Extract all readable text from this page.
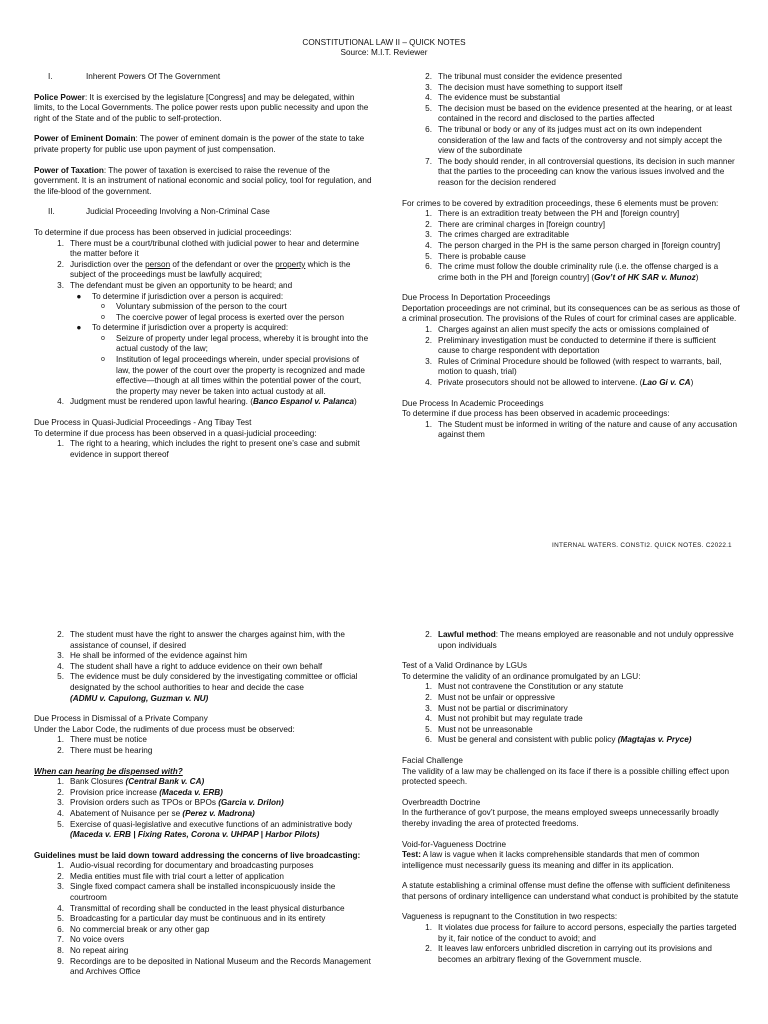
CONSTITUTIONAL LAW II – QUICK NOTES
Source: M.I.T. Reviewer
I.	Inherent Powers Of The Government

Police Power: It is exercised by the legislature [Congress] and may be delegated, within limits, to the Local Governments. The police power rests upon public necessity and upon the right of the State and of the public to self-protection.

Power of Eminent Domain: The power of eminent domain is the power of the state to take private property for public use upon payment of just compensation.

Power of Taxation: The power of taxation is exercised to raise the revenue of the government. It is an instrument of national economic and social policy, tool for regulation, and the life-blood of the government.

II.	Judicial Proceeding Involving a Non-Criminal Case

To determine if due process has been observed in judicial proceedings:

1. There must be a court/tribunal clothed with judicial power to hear and determine the matter before it
2. Jurisdiction over the person of the defendant or over the property which is the subject of the proceedings must be lawfully acquired;
3. The defendant must be given an opportunity to be heard; and
●	To determine if jurisdiction over a person is acquired:
o	Voluntary submission of the person to the court
o	The coercive power of legal process is exerted over the person
●	To determine if jurisdiction over a property is acquired:
o	Seizure of property under legal process, whereby it is brought into the actual custody of the law;
o	Institution of legal proceedings wherein, under special provisions of law, the power of the court over the property is recognized and made effective—though at all times within the potential power of the court, the property may never be taken into actual custody at all.
4. Judgment must be rendered upon lawful hearing. (Banco Espanol v. Palanca)

Due Process in Quasi-Judicial Proceedings - Ang Tibay Test

To determine if due process has been observed in a quasi-judicial proceeding:

1. The right to a hearing, which includes the right to present one’s case and submit evidence in support thereof
2. The tribunal must consider the evidence presented
3. The decision must have something to support itself
4. The evidence must be substantial
5. The decision must be based on the evidence presented at the hearing, or at least contained in the record and disclosed to the parties affected
6. The tribunal or body or any of its judges must act on its own independent consideration of the law and facts of the controversy and not simply accept the view of the subordinate
7. The body should render, in all controversial questions, its decision in such manner that the parties to the proceeding can know the various issues involved and the reason for the decision rendered

For crimes to be covered by extradition proceedings, these 6 elements must be proven:

1. There is an extradition treaty between the PH and [foreign country]
2. There are criminal charges in [foreign country]
3. The crimes charged are extraditable
4. The person charged in the PH is the same person charged in [foreign country]
5. There is probable cause
6. The crime must follow the double criminality rule (i.e. the offense charged is a crime both in the PH and [foreign country] (Gov’t of HK SAR v. Munoz)

Due Process In Deportation Proceedings

Deportation proceedings are not criminal, but its consequences can be as serious as those of a criminal prosecution. The provisions of the Rules of court for criminal cases are applicable.

1. Charges against an alien must specify the acts or omissions complained of
2. Preliminary investigation must be conducted to determine if there is sufficient cause to charge respondent with deportation
3. Rules of Criminal Procedure should be followed (with respect to warrants, bail, motion to quash, trial)
4. Private prosecutors should not be allowed to intervene. (Lao Gi v. CA)

Due Process In Academic Proceedings

To determine if due process has been observed in academic proceedings:

1. The Student must be informed in writing of the nature and cause of any accusation against them
INTERNAL WATERS. CONSTI2. QUICK NOTES. C2022. 1
2. The student must have the right to answer the charges against him, with the assistance of counsel, if desired
3. He shall be informed of the evidence against him
4. The student shall have a right to adduce evidence on their own behalf
5. The evidence must be duly considered by the investigating committee or official designated by the school authorities to hear and decide the case
(ADMU v. Capulong, Guzman v. NU)

Due Process in Dismissal of a Private Company

Under the Labor Code, the rudiments of due process must be observed:

1. There must be notice
2. There must be hearing

When can hearing be dispensed with?

1. Bank Closures (Central Bank v. CA)
2. Provision price increase (Maceda v. ERB)
3. Provision orders such as TPOs or BPOs (Garcia v. Drilon)
4. Abatement of Nuisance per se (Perez v. Madrona)
5. Exercise of quasi-legislative and executive functions of an administrative body (Maceda v. ERB | Fixing Rates, Corona v. UHPAP | Harbor Pilots)

Guidelines must be laid down toward addressing the concerns of live broadcasting:

1. Audio-visual recording for documentary and broadcasting purposes
2. Media entities must file with trial court a letter of application
3. Single fixed compact camera shall be installed inconspicuously inside the courtroom
4. Transmittal of recording shall be conducted in the least physical disturbance
5. Broadcasting for a particular day must be continuous and in its entirety
6. No commercial break or any other gap
7. No voice overs
8. No repeat airing
9. Recordings are to be deposited in National Museum and the Records Management and Archives Office
2. Lawful method: The means employed are reasonable and not unduly oppressive upon individuals

Test of a Valid Ordinance by LGUs

To determine the validity of an ordinance promulgated by an LGU:

1. Must not contravene the Constitution or any statute
2. Must not be unfair or oppressive
3. Must not be partial or discriminatory
4. Must not prohibit but may regulate trade
5. Must not be unreasonable
6. Must be general and consistent with public policy (Magtajas v. Pryce)

Facial Challenge

The validity of a law may be challenged on its face if there is a possible chilling effect upon protected speech.

Overbreadth Doctrine

In the furtherance of gov’t purpose, the means employed sweeps unnecessarily broadly thereby invading the area of protected freedoms.

Void-for-Vagueness Doctrine

Test: A law is vague when it lacks comprehensible standards that men of common intelligence must necessarily guess its meaning and differ in its application.

A statute establishing a criminal offense must define the offense with sufficient definiteness that persons of ordinary intelligence can understand what conduct is prohibited by the statute

Vagueness is repugnant to the Constitution in two respects:

1. It violates due process for failure to accord persons, especially the parties targeted by it, fair notice of the conduct to avoid; and
2. It leaves law enforcers unbridled discretion in carrying out its provisions and becomes an arbitrary flexing of the Government muscle.
